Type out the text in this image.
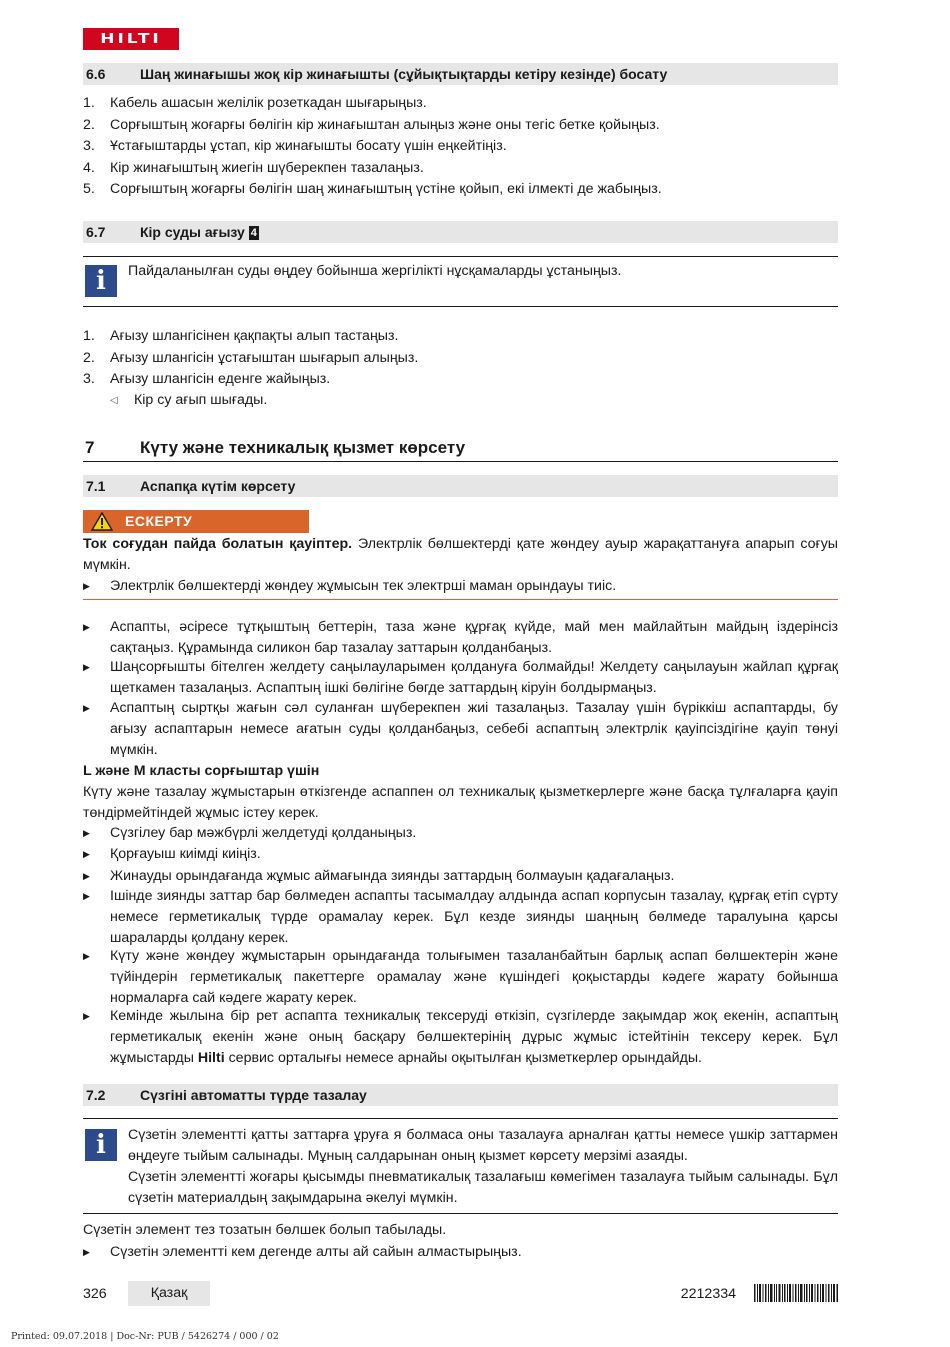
HILTI
6.6 Шаң жинағышы жоқ кір жинағышты (сұйықтықтарды кетіру кезінде) босату
1. Кабель ашасын желілік розеткадан шығарыңыз.
2. Сорғыштың жоғарғы бөлігін кір жинағыштан алыңыз және оны тегіс бетке қойыңыз.
3. Ұстағыштарды ұстап, кір жинағышты босату үшін еңкейтіңіз.
4. Кір жинағыштың жиегін шүберекпен тазалаңыз.
5. Сорғыштың жоғарғы бөлігін шаң жинағыштың үстіне қойып, екі ілмекті де жабыңыз.
6.7 Кір суды ағызу 4
i	Пайдаланылған суды өңдеу бойынша жергілікті нұсқамаларды ұстаныңыз.
1. Ағызу шлангісінен қақпақты алып тастаңыз.
2. Ағызу шлангісін ұстағыштан шығарып алыңыз.
3. Ағызу шлангісін еденге жайыңыз.
◁ Кір су ағып шығады.
7	Күту және техникалық қызмет көрсету
7.1 Аспапқа күтім көрсету
ЕСКЕРТУ
Ток соғудан пайда болатын қауіптер. Электрлік бөлшектерді қате жөндеу ауыр жарақаттануға апарып соғуы мүмкін.
▶ Электрлік бөлшектерді жөндеу жұмысын тек электрші маман орындауы тиіс.
▶ Аспапты, әсіресе тұтқыштың беттерін, таза және құрғақ күйде, май мен майлайтын майдың іздерінсіз сақтаңыз. Құрамында силикон бар тазалау заттарын қолданбаңыз.
▶ Шаңсорғышты бітелген желдету саңылауларымен қолдануға болмайды! Желдету саңылауын жайлап құрғақ щеткамен тазалаңыз. Аспаптың ішкі бөлігіне бөгде заттардың кіруін болдырмаңыз.
▶ Аспаптың сыртқы жағын сәл суланған шүберекпен жиі тазалаңыз. Тазалау үшін бүріккіш аспаптарды, бу ағызу аспаптарын немесе ағатын суды қолданбаңыз, себебі аспаптың электрлік қауіпсіздігіне қауіп төнуі мүмкін.
L және M класты сорғыштар үшін
Күту және тазалау жұмыстарын өткізгенде аспаппен ол техникалық қызметкерлерге және басқа тұлғаларға қауіп төндірмейтіндей жұмыс істеу керек.
▶ Сүзгілеу бар мәжбүрлі желдетуді қолданыңыз.
▶ Қорғауыш киімді киіңіз.
▶ Жинауды орындағанда жұмыс аймағында зиянды заттардың болмауын қадағалаңыз.
▶ Ішінде зиянды заттар бар бөлмеден аспапты тасымалдау алдында аспап корпусын тазалау, құрғақ етіп сүрту немесе герметикалық түрде орамалау керек. Бұл кезде зиянды шаңның бөлмеде таралуына қарсы шараларды қолдану керек.
▶ Күту және жөндеу жұмыстарын орындағанда толығымен тазаланбайтын барлық аспап бөлшектерін және түйіндерін герметикалық пакеттерге орамалау және күшіндегі қоқыстарды кәдеге жарату бойынша нормаларға сай кәдеге жарату керек.
▶ Кемінде жылына бір рет аспапта техникалық тексеруді өткізіп, сүзгілерде зақымдар жоқ екенін, аспаптың герметикалық екенін және оның басқару бөлшектерінің дұрыс жұмыс істейтінін тексеру керек. Бұл жұмыстарды Hilti сервис орталығы немесе арнайы оқытылған қызметкерлер орындайды.
7.2 Сүзгіні автоматты түрде тазалау
i	Сүзетін элементті қатты заттарға ұруға я болмаса оны тазалауға арналған қатты немесе үшкір заттармен өңдеуге тыйым салынады. Мұның салдарынан оның қызмет көрсету мерзімі азаяды.
Сүзетін элементті жоғары қысымды пневматикалық тазалағыш көмегімен тазалауға тыйым салынады. Бұл сүзетін материалдың зақымдарына әкелуі мүмкін.
Сүзетін элемент тез тозатын бөлшек болып табылады.
▶ Сүзетін элементті кем дегенде алты ай сайын алмастырыңыз.
326	Қазақ	2212334
Printed: 09.07.2018 | Doc-Nr: PUB / 5426274 / 000 / 02
